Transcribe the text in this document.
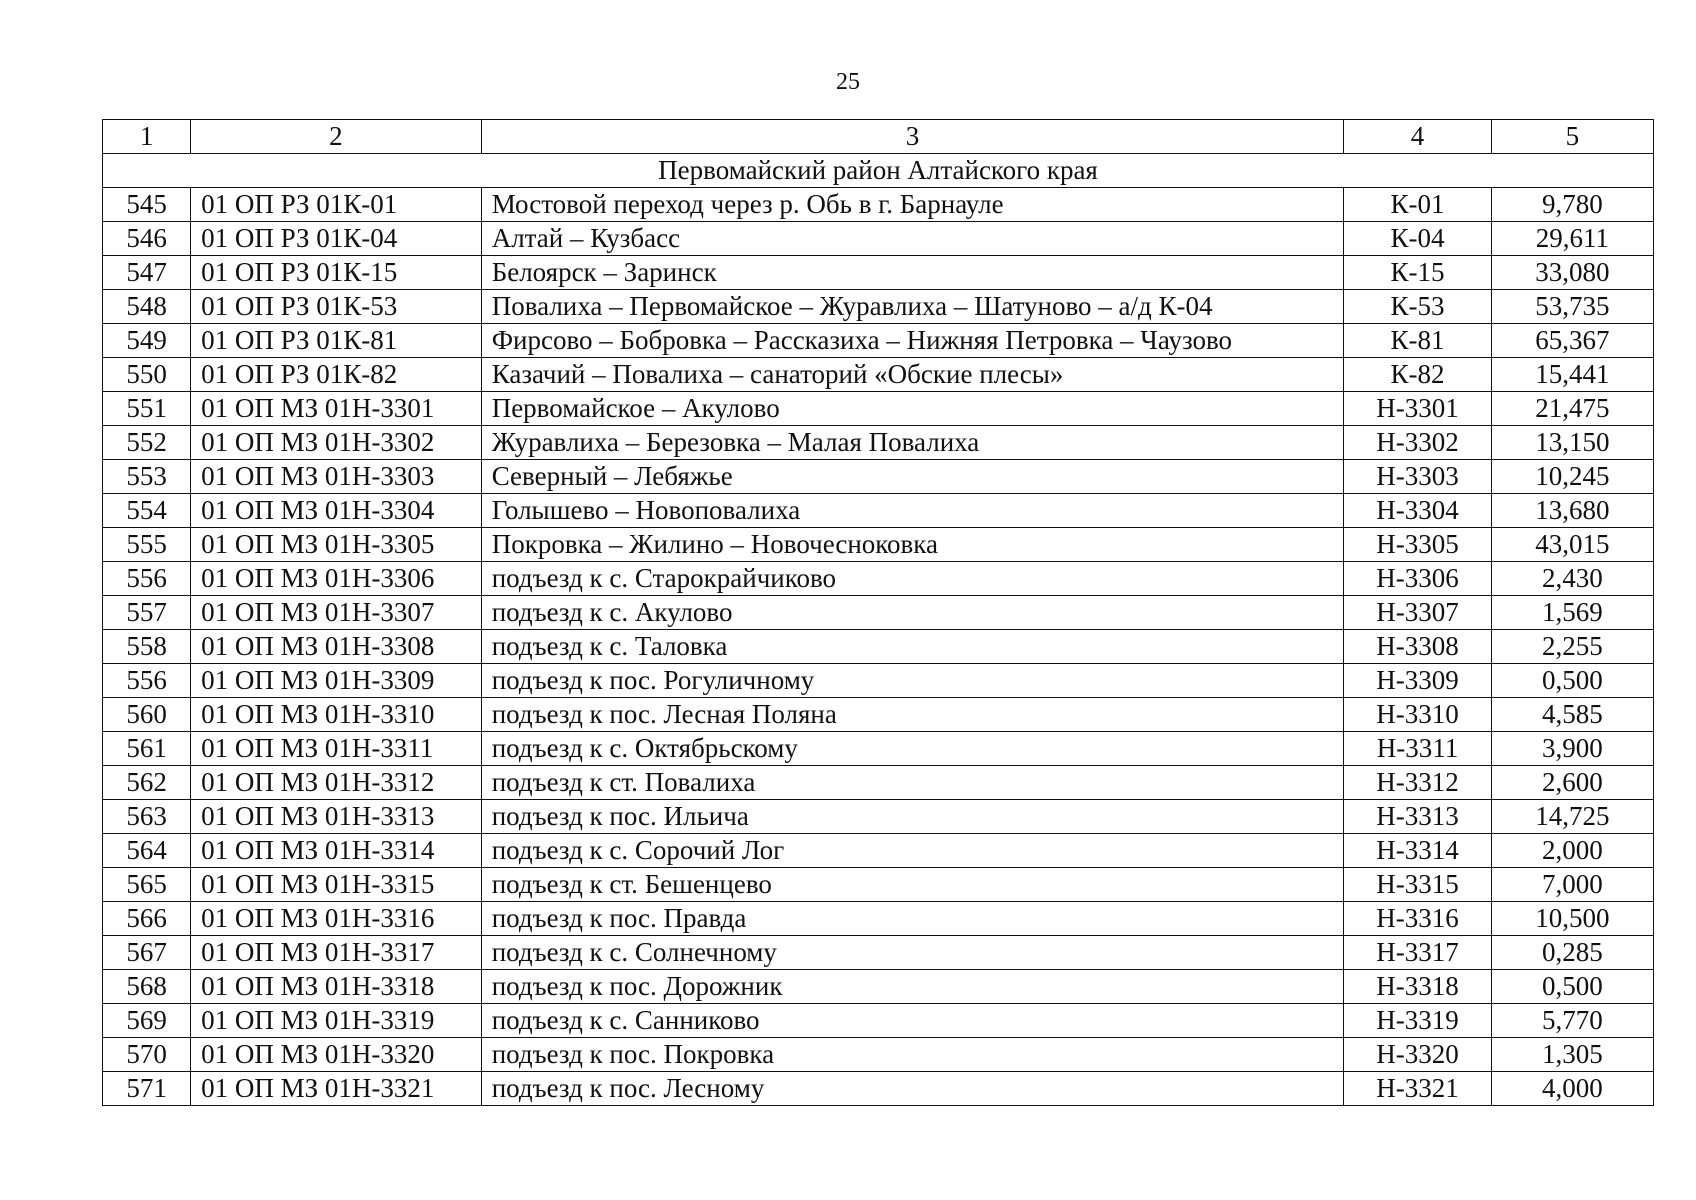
25
1	2	3	4	5
Первомайский район Алтайского края				
545	01 ОП РЗ 01К-01	Мостовой переход через р. Обь в г. Барнауле	К-01	9,780
546	01 ОП РЗ 01К-04	Алтай – Кузбасс	К-04	29,611
547	01 ОП РЗ 01К-15	Белоярск – Заринск	К-15	33,080
548	01 ОП РЗ 01К-53	Повалиха – Первомайское – Журавлиха – Шатуново – а/д К-04	К-53	53,735
549	01 ОП РЗ 01К-81	Фирсово – Бобровка – Рассказиха – Нижняя Петровка – Чаузово	К-81	65,367
550	01 ОП РЗ 01К-82	Казачий – Повалиха – санаторий «Обские плесы»	К-82	15,441
551	01 ОП МЗ 01Н-3301	Первомайское – Акулово	Н-3301	21,475
552	01 ОП МЗ 01Н-3302	Журавлиха – Березовка – Малая Повалиха	Н-3302	13,150
553	01 ОП МЗ 01Н-3303	Северный – Лебяжье	Н-3303	10,245
554	01 ОП МЗ 01Н-3304	Голышево – Новоповалиха	Н-3304	13,680
555	01 ОП МЗ 01Н-3305	Покровка – Жилино – Новочесноковка	Н-3305	43,015
556	01 ОП МЗ 01Н-3306	подъезд к с. Старокрайчиково	Н-3306	2,430
557	01 ОП МЗ 01Н-3307	подъезд к с. Акулово	Н-3307	1,569
558	01 ОП МЗ 01Н-3308	подъезд к с. Таловка	Н-3308	2,255
556	01 ОП МЗ 01Н-3309	подъезд к пос. Рогуличному	Н-3309	0,500
560	01 ОП МЗ 01Н-3310	подъезд к пос. Лесная Поляна	Н-3310	4,585
561	01 ОП МЗ 01Н-3311	подъезд к с. Октябрьскому	Н-3311	3,900
562	01 ОП МЗ 01Н-3312	подъезд к ст. Повалиха	Н-3312	2,600
563	01 ОП МЗ 01Н-3313	подъезд к пос. Ильича	Н-3313	14,725
564	01 ОП МЗ 01Н-3314	подъезд к с. Сорочий Лог	Н-3314	2,000
565	01 ОП МЗ 01Н-3315	подъезд к ст. Бешенцево	Н-3315	7,000
566	01 ОП МЗ 01Н-3316	подъезд к пос. Правда	Н-3316	10,500
567	01 ОП МЗ 01Н-3317	подъезд к с. Солнечному	Н-3317	0,285
568	01 ОП МЗ 01Н-3318	подъезд к пос. Дорожник	Н-3318	0,500
569	01 ОП МЗ 01Н-3319	подъезд к с. Санниково	Н-3319	5,770
570	01 ОП МЗ 01Н-3320	подъезд к пос. Покровка	Н-3320	1,305
571	01 ОП МЗ 01Н-3321	подъезд к пос. Лесному	Н-3321	4,000
